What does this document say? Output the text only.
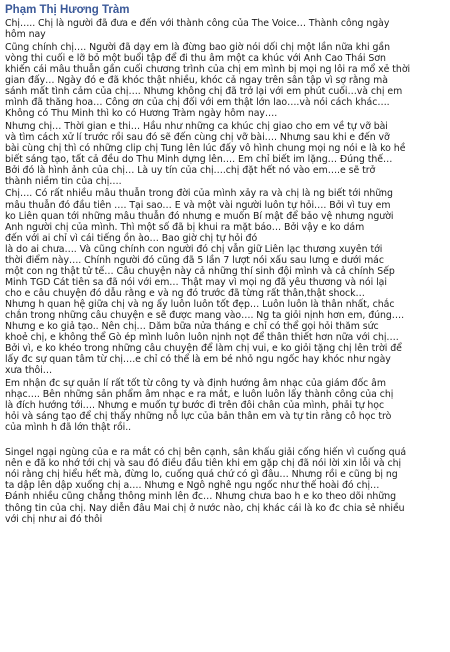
Phạm Thị Hương Tràm
Chị….. Chị là người đã đưa e đến với thành công của The Voice… Thành công ngày
hôm nay
Cũng chính chị…. Người đã dạy em là đừng bao giờ nói dối chị một lần nữa khi gần
vòng thi cuối e lỡ bỏ một buổi tập để đi thu âm một ca khúc với Anh Cao Thái Sơn
khiến cái mâu thuẫn gần cuối chương trình của chị em mình bị mọi ng lôi ra mổ xẻ thời
gian đấy… Ngày đó e đã khóc thật nhiều, khóc cả ngay trên sân tập vì sợ rằng mà
sánh mất tình cảm của chị…. Nhưng không chị đã trở lại với em phút cuối…và chị em
mình đã thăng hoa… Công ơn của chị đối với em thật lớn lao….và nói cách khác….
Không có Thu Minh thì ko có Hương Tràm ngày hôm nay….
Nhưng chị… Thời gian e thi… Hầu như những ca khúc chị giao cho em về tự vỡ bài
và tìm cách xử lí trước rồi sau đó sẽ đến cùng chị vỡ bài…. Nhưng sau khi e đến vỡ
bài cùng chị thì có những clip chị Tung lên lúc đấy vô hình chung mọi ng nói e là ko hề
biết sáng tạo, tất cả đều do Thu Minh dựng lên…. Em chỉ biết im lặng… Đúng thế…
Bởi đó là hình ảnh của chị… Là uy tín của chị….chị đặt hết nó vào em….e sẽ trở
thành niềm tin của chị….
Chị…. Có rất nhiều mâu thuẫn trong đời của mình xảy ra và chị là ng biết tới những
mâu thuẫn đó đầu tiên …. Tại sao… E và một vài người luôn tự hỏi…. Bởi vì tuy em
ko Liên quan tới những mâu thuẫn đó nhưng e muốn Bí mật để bảo vệ nhưng người
Anh người chị của mình. Thì một số đã bị khui ra mặt báo… Bởi vậy e ko dám
đến với ai chỉ vì cái tiếng ồn ào… Bao giờ chị tự hỏi đó
là do ai chưa…. Và cũng chính con người đó chị vẫn giữ Liên lạc thương xuyên tới
thời điểm này…. Chính người đó cũng đã 5 lần 7 lượt nói xấu sau lưng e dưới mác
một con ng thật tử tế… Câu chuyện này cả những thí sinh đội mình và cả chính Sếp
Minh TGD Cát tiên sa đã nói với em… Thật may vì mọi ng đã yêu thương và nói lại
cho e câu chuyện đó dẫu rằng e và ng đó trước đã từng rất thân,thật shock…
Nhưng h quan hệ giữa chị và ng ấy luôn luôn tốt đẹp… Luôn luôn là thân nhất, chắc
chắn trong những câu chuyện e sẽ được mang vào…. Ng ta giỏi nịnh hơn em, đúng….
Nhưng e ko giả tạo.. Nên chị… Dăm bữa nửa tháng e chỉ có thể gọi hỏi thăm sức
khoẻ chị, e không thể Gò ép mình luôn luôn nịnh nọt để thân thiết hơn nữa với chị….
Bởi vì, e ko khéo trong những câu chuyện để làm chị vui, e ko giỏi tặng chị lên trời để
lấy đc sự quan tâm từ chị….e chỉ có thể là em bé nhỏ ngu ngốc hay khóc như ngày
xưa thôi…
Em nhận đc sự quản lí rất tốt từ công ty và định hướng âm nhạc của giám đốc âm
nhạc…. Bên những sản phẩm âm nhạc e ra mắt, e luôn luôn lấy thành công của chị
là đích hướng tới…. Nhưng e muốn tự bước đi trên đôi chân của mình, phải tự học
hỏi và sáng tạo để chị thấy những nỗ lực của bản thân em và tự tin rằng cô học trò
của mình h đã lớn thật rồi..
Singel ngại ngùng của e ra mắt có chị bên cạnh, sân khấu giải cống hiến vì cuống quá
nên e đã ko nhớ tới chị và sau đó điều đầu tiên khi em gặp chị đã nói lời xin lỗi và chị
nói rằng chị hiểu hết mà, đừng lo, cuống quá chứ có gì đâu… Nhưng rồi e cũng bị ng
ta dập lên dập xuống chị a…. Nhưng e Ngô nghê ngu ngốc như thế hoài đó chị…
Đánh nhiều cũng chẳng thông minh lên đc… Nhưng chưa bao h e ko theo dõi những
thông tin của chị. Nay diễn đâu Mai chị ở nước nào, chị khác cái là ko đc chia sẻ nhiều
với chị như ai đó thôi
